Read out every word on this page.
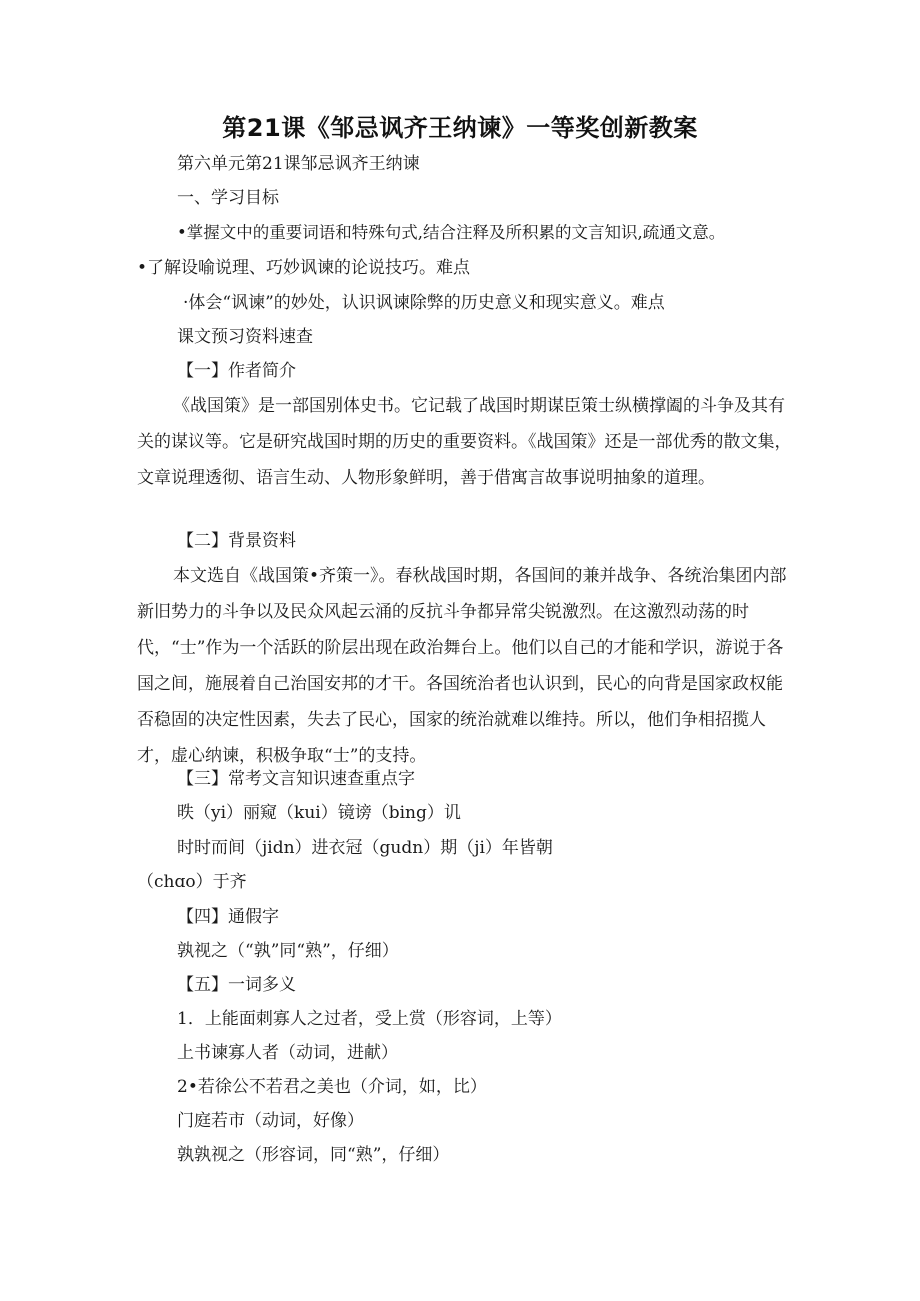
第21课《邹忌讽齐王纳谏》一等奖创新教案
第六单元第21课邹忌讽齐王纳谏
一、学习目标
•掌握文中的重要词语和特殊句式,结合注释及所积累的文言知识,疏通文意。
•了解设喻说理、巧妙讽谏的论说技巧。难点
·体会“讽谏”的妙处，认识讽谏除弊的历史意义和现实意义。难点
课文预习资料速查
【一】作者简介

《战国策》是一部国别体史书。它记载了战国时期谋臣策士纵横撑阖的斗争及其有关的谋议等。它是研究战国时期的历史的重要资料。《战国策》还是一部优秀的散文集，文章说理透彻、语言生动、人物形象鲜明，善于借寓言故事说明抽象的道理。

【二】背景资料

本文选自《战国策•齐策一》。春秋战国时期，各国间的兼并战争、各统治集团内部新旧势力的斗争以及民众风起云涌的反抗斗争都异常尖锐激烈。在这激烈动荡的时代，“士”作为一个活跃的阶层出现在政治舞台上。他们以自己的才能和学识，游说于各国之间，施展着自己治国安邦的才干。各国统治者也认识到，民心的向背是国家政权能否稳固的决定性因素，失去了民心，国家的统治就难以维持。所以，他们争相招揽人才，虚心纳谏，积极争取“士”的支持。

【三】常考文言知识速查重点字
昳（yi）丽窥（kui）镜谤（bing）讥
时时而间（jidn）进衣冠（gudn）期（ji）年皆朝
（chɑo）于齐
【四】通假字
孰视之（“孰”同“熟”，仔细）
【五】一词多义
1．上能面刺寡人之过者，受上赏（形容词，上等）
上书谏寡人者（动词，进献）
2•若徐公不若君之美也（介词，如，比）
门庭若市（动词，好像）
孰孰视之（形容词，同“熟”，仔细）
